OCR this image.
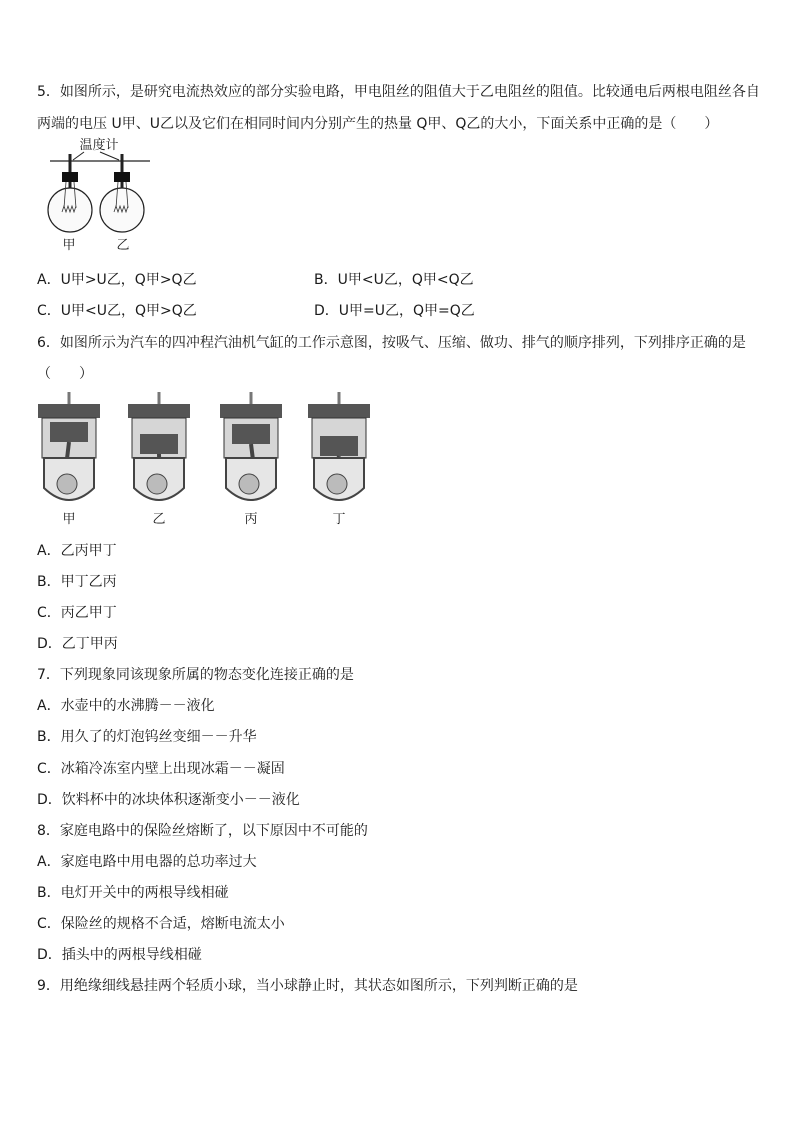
5．如图所示，是研究电流热效应的部分实验电路，甲电阻丝的阻值大于乙电阻丝的阻值。比较通电后两根电阻丝各自
两端的电压 U甲、U乙以及它们在相同时间内分别产生的热量 Q甲、Q乙的大小，下面关系中正确的是（　　）
温度计
甲	乙
A．U甲>U乙，Q甲>Q乙	B．U甲<U乙，Q甲<Q乙
C．U甲<U乙，Q甲>Q乙	D．U甲=U乙，Q甲=Q乙
6．如图所示为汽车的四冲程汽油机气缸的工作示意图，按吸气、压缩、做功、排气的顺序排列，下列排序正确的是
（　　）
甲	乙	丙	丁
A．乙丙甲丁
B．甲丁乙丙
C．丙乙甲丁
D．乙丁甲丙
7．下列现象同该现象所属的物态变化连接正确的是
A．水壶中的水沸腾－－液化
B．用久了的灯泡钨丝变细－－升华
C．冰箱冷冻室内壁上出现冰霜－－凝固
D．饮料杯中的冰块体积逐渐变小－－液化
8．家庭电路中的保险丝熔断了，以下原因中不可能的
A．家庭电路中用电器的总功率过大
B．电灯开关中的两根导线相碰
C．保险丝的规格不合适，熔断电流太小
D．插头中的两根导线相碰
9．用绝缘细线悬挂两个轻质小球，当小球静止时，其状态如图所示，下列判断正确的是
